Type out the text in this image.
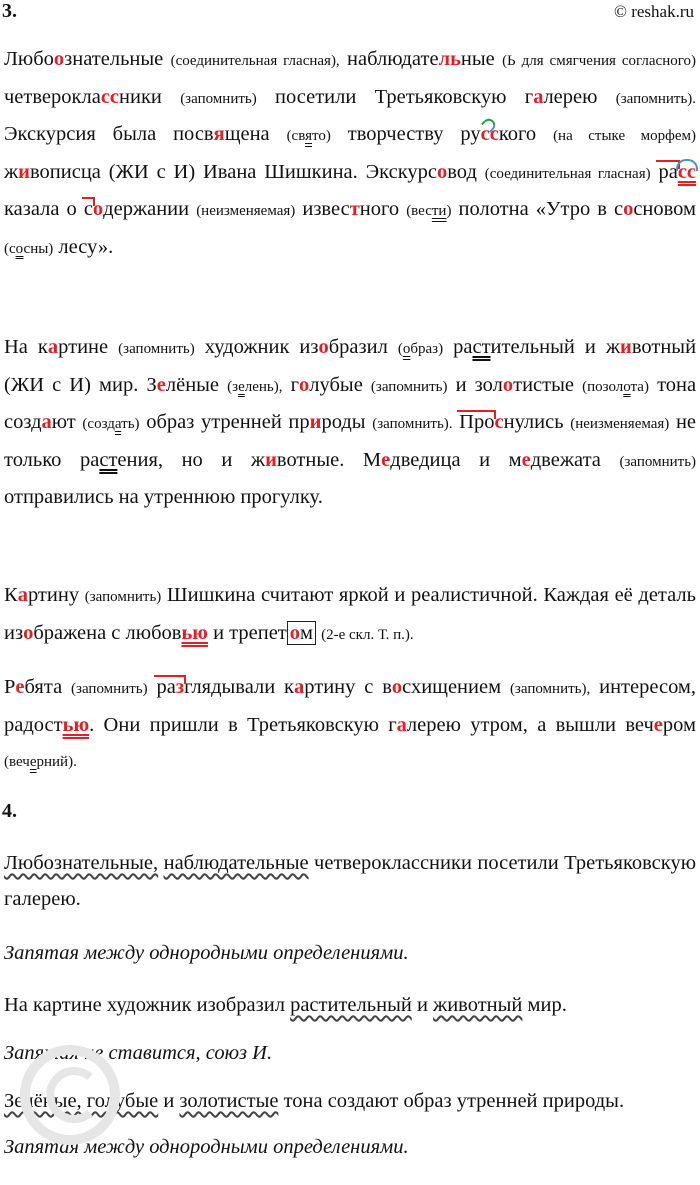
3.	© reshak.ru
Любоознательные (соединительная гласная), наблюдательные (Ь для смягчения согласного) четвероклассники (запомнить) посетили Третьяковскую галерею (запомнить). Экскурсия была посвящена (свято) творчеству русского (на стыке морфем) живописца (ЖИ с И) Ивана Шишкина. Экскурсовод (соединительная гласная) рассказала о содержании (неизменяемая) известного (вести) полотна «Утро в сосновом (сосны) лесу».
На картине (запомнить) художник изобразил (образ) растительный и животный (ЖИ с И) мир. Зелёные (зелень), голубые (запомнить) и золотистые (позолота) тона создают (создать) образ утренней природы (запомнить). Проснулись (неизменяемая) не только растения, но и животные. Медведица и медвежата (запомнить) отправились на утреннюю прогулку.
Картину (запомнить) Шишкина считают яркой и реалистичной. Каждая её деталь изображена с любовью и трепет ом (2-е скл. Т. п.).
Ребята (запомнить) разглядывали картину с восхищением (запомнить), интересом, радостью. Они пришли в Третьяковскую галерею утром, а вышли вечером (вечерний).
4.
Любознательные, наблюдательные четвероклассники посетили Третьяковскую галерею.
Запятая между однородными определениями.
На картине художник изобразил растительный и животный мир.
Запятая не ставится, союз И.
Зелёные, голубые и золотистые тона создают образ утренней природы.
Запятая между однородными определениями.
